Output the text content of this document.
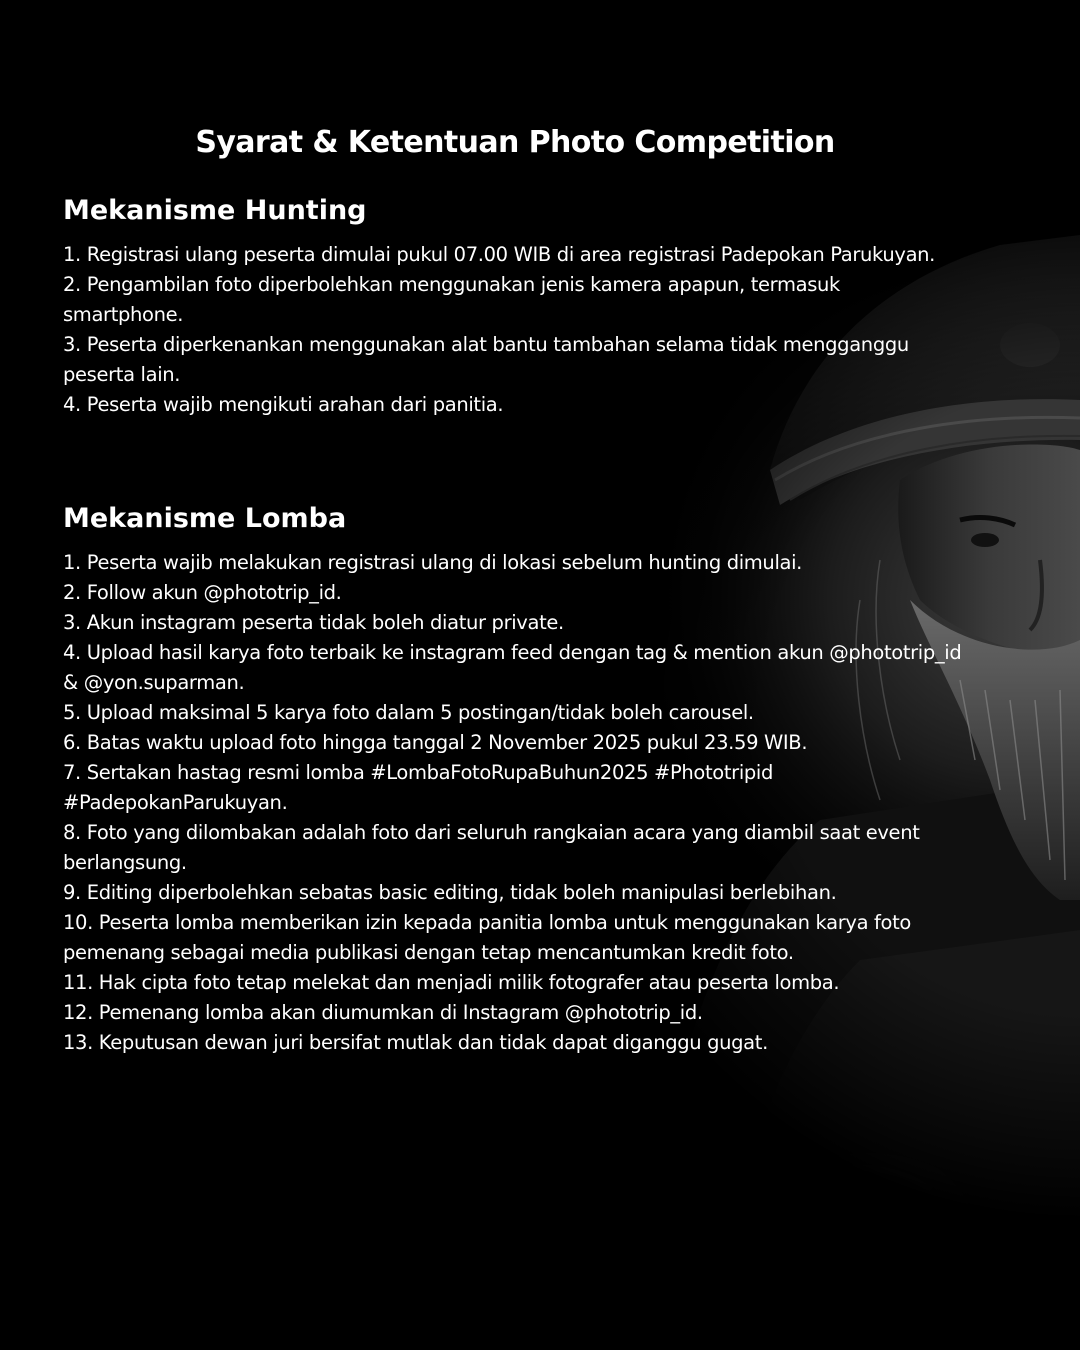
Syarat & Ketentuan Photo Competition
Mekanisme Hunting
1. Registrasi ulang peserta dimulai pukul 07.00 WIB di area registrasi Padepokan Parukuyan.
2. Pengambilan foto diperbolehkan menggunakan jenis kamera apapun, termasuk smartphone.
3. Peserta diperkenankan menggunakan alat bantu tambahan selama tidak mengganggu peserta lain.
4. Peserta wajib mengikuti arahan dari panitia.
Mekanisme Lomba
1. Peserta wajib melakukan registrasi ulang di lokasi sebelum hunting dimulai.
2. Follow akun @phototrip_id.
3. Akun instagram peserta tidak boleh diatur private.
4. Upload hasil karya foto terbaik ke instagram feed dengan tag & mention akun @phototrip_id & @yon.suparman.
5. Upload maksimal 5 karya foto dalam 5 postingan/tidak boleh carousel.
6. Batas waktu upload foto hingga tanggal 2 November 2025 pukul 23.59 WIB.
7. Sertakan hastag resmi lomba #LombaFotoRupaBuhun2025 #Phototripid #PadepokanParukuyan.
8. Foto yang dilombakan adalah foto dari seluruh rangkaian acara yang diambil saat event berlangsung.
9. Editing diperbolehkan sebatas basic editing, tidak boleh manipulasi berlebihan.
10. Peserta lomba memberikan izin kepada panitia lomba untuk menggunakan karya foto pemenang sebagai media publikasi dengan tetap mencantumkan kredit foto.
11. Hak cipta foto tetap melekat dan menjadi milik fotografer atau peserta lomba.
12. Pemenang lomba akan diumumkan di Instagram @phototrip_id.
13. Keputusan dewan juri bersifat mutlak dan tidak dapat diganggu gugat.
